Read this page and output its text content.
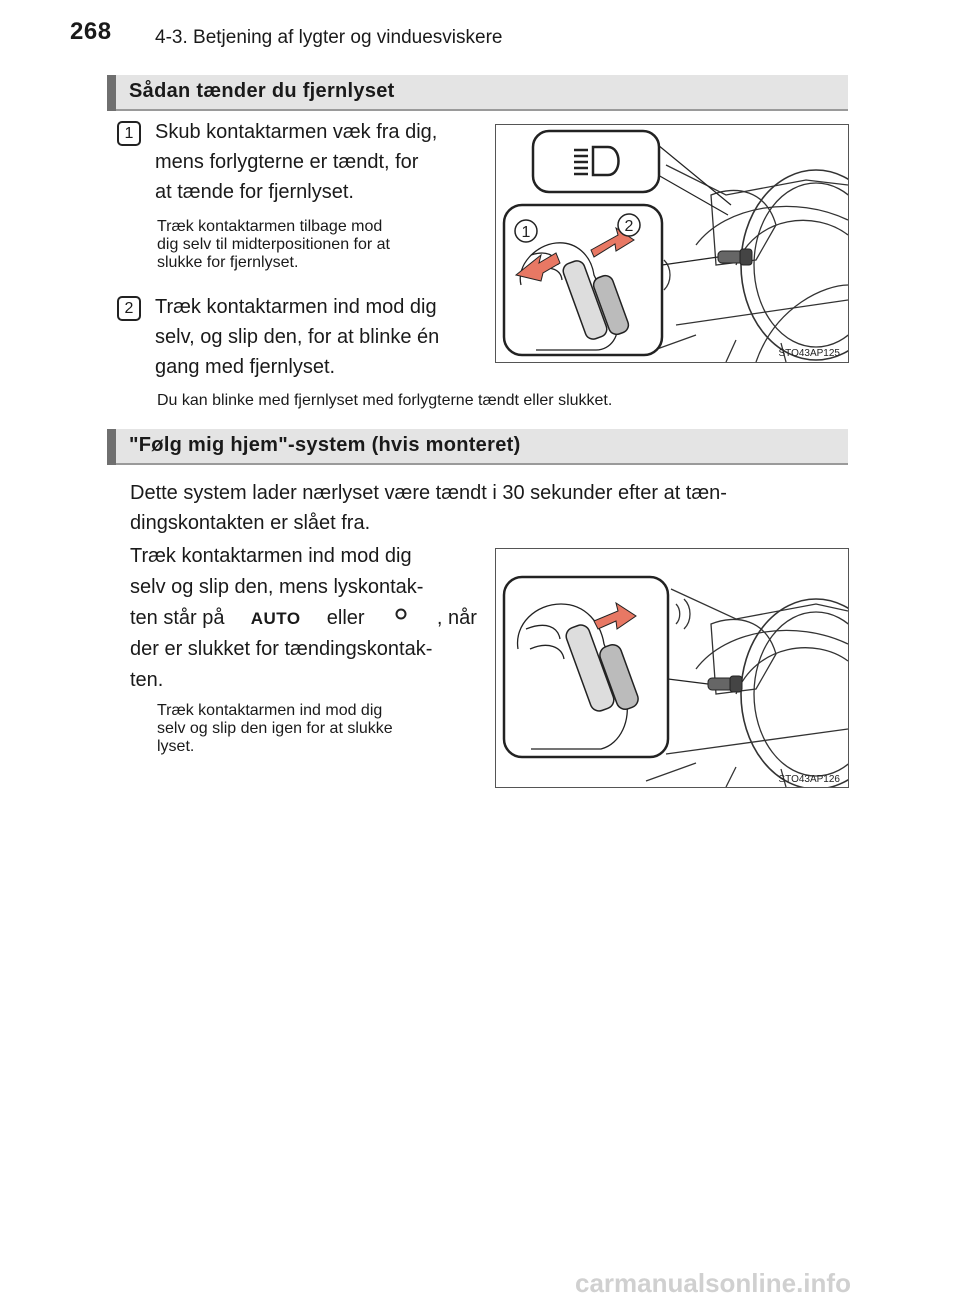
268 4-3. Betjening af lygter og vinduesviskere
Sådan tænder du fjernlyset
1	Skub kontaktarmen væk fra dig,
mens forlygterne er tændt, for
at tænde for fjernlyset.
Træk kontaktarmen tilbage mod
dig selv til midterpositionen for at
slukke for fjernlyset.
2	Træk kontaktarmen ind mod dig
selv, og slip den, for at blinke én
gang med fjernlyset.
Du kan blinke med fjernlyset med forlygterne tændt eller slukket.
1	2
STO43AP125
"Følg mig hjem"-system (hvis monteret)
Dette system lader nærlyset være tændt i 30 sekunder efter at tæn-
dingskontakten er slået fra.
Træk kontaktarmen ind mod dig
selv og slip den, mens lyskontak-
ten står på AUTO eller	, når
der er slukket for tændingskontak-
ten.
Træk kontaktarmen ind mod dig
selv og slip den igen for at slukke
lyset.
STO43AP126
carmanualsonline.info
